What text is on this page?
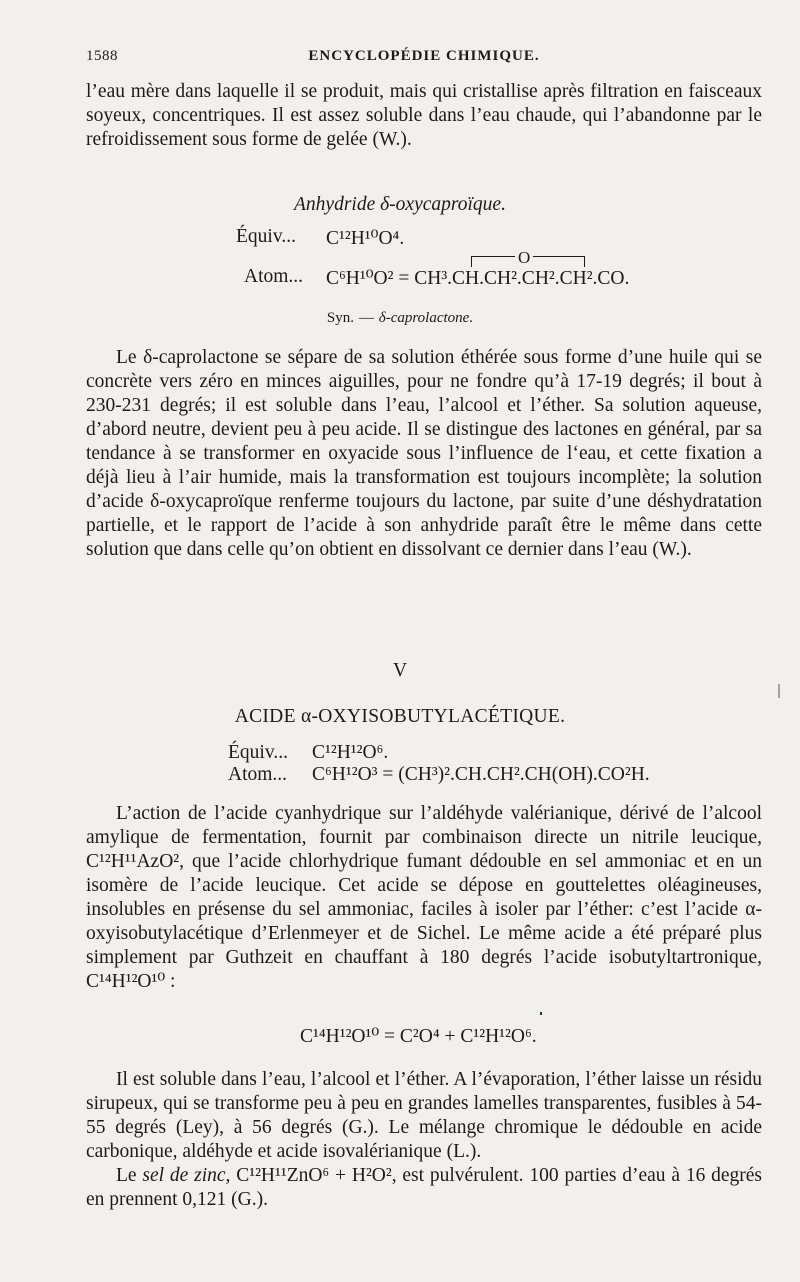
1588	ENCYCLOPÉDIE CHIMIQUE.

l’eau mère dans laquelle il se produit, mais qui cristallise après filtration en faisceaux soyeux, concentriques. Il est assez soluble dans l’eau chaude, qui l’abandonne par le refroidissement sous forme de gelée (W.).

Anhydride δ-oxycaproïque.
Équiv... C¹²H¹⁰O⁴.
O
Atom... C⁶H¹⁰O² = CH³.CH.CH².CH².CH².CO.
Syn. — δ-caprolactone.

Le δ-caprolactone se sépare de sa solution éthérée sous forme d’une huile qui se concrète vers zéro en minces aiguilles, pour ne fondre qu’à 17-19 degrés; il bout à 230-231 degrés; il est soluble dans l’eau, l’alcool et l’éther. Sa solution aqueuse, d’abord neutre, devient peu à peu acide. Il se distingue des lactones en général, par sa tendance à se transformer en oxyacide sous l’influence de l‘eau, et cette fixation a déjà lieu à l’air humide, mais la transformation est toujours incomplète; la solution d’acide δ-oxycaproïque renferme toujours du lactone, par suite d’une déshydratation partielle, et le rapport de l’acide à son anhydride paraît être le même dans cette solution que dans celle qu’on obtient en dissolvant ce dernier dans l’eau (W.).

V
ACIDE α-OXYISOBUTYLACÉTIQUE.
Équiv... C¹²H¹²O⁶.
Atom... C⁶H¹²O³ = (CH³)².CH.CH².CH(OH).CO²H.

L’action de l’acide cyanhydrique sur l’aldéhyde valérianique, dérivé de l’alcool amylique de fermentation, fournit par combinaison directe un nitrile leucique, C¹²H¹¹AzO², que l’acide chlorhydrique fumant dédouble en sel ammoniac et en un isomère de l’acide leucique. Cet acide se dépose en gouttelettes oléagineuses, insolubles en présense du sel ammoniac, faciles à isoler par l’éther: c’est l’acide α-oxyisobutylacétique d’Erlenmeyer et de Sichel. Le même acide a été préparé plus simplement par Guthzeit en chauffant à 180 degrés l’acide isobutyltartronique, C¹⁴H¹²O¹⁰ :

C¹⁴H¹²O¹⁰ = C²O⁴ + C¹²H¹²O⁶.

Il est soluble dans l’eau, l’alcool et l’éther. A l’évaporation, l’éther laisse un résidu sirupeux, qui se transforme peu à peu en grandes lamelles transparentes, fusibles à 54-55 degrés (Ley), à 56 degrés (G.). Le mélange chromique le dédouble en acide carbonique, aldéhyde et acide isovalérianique (L.).

Le sel de zinc, C¹²H¹¹ZnO⁶ + H²O², est pulvérulent. 100 parties d’eau à 16 degrés en prennent 0,121 (G.).
